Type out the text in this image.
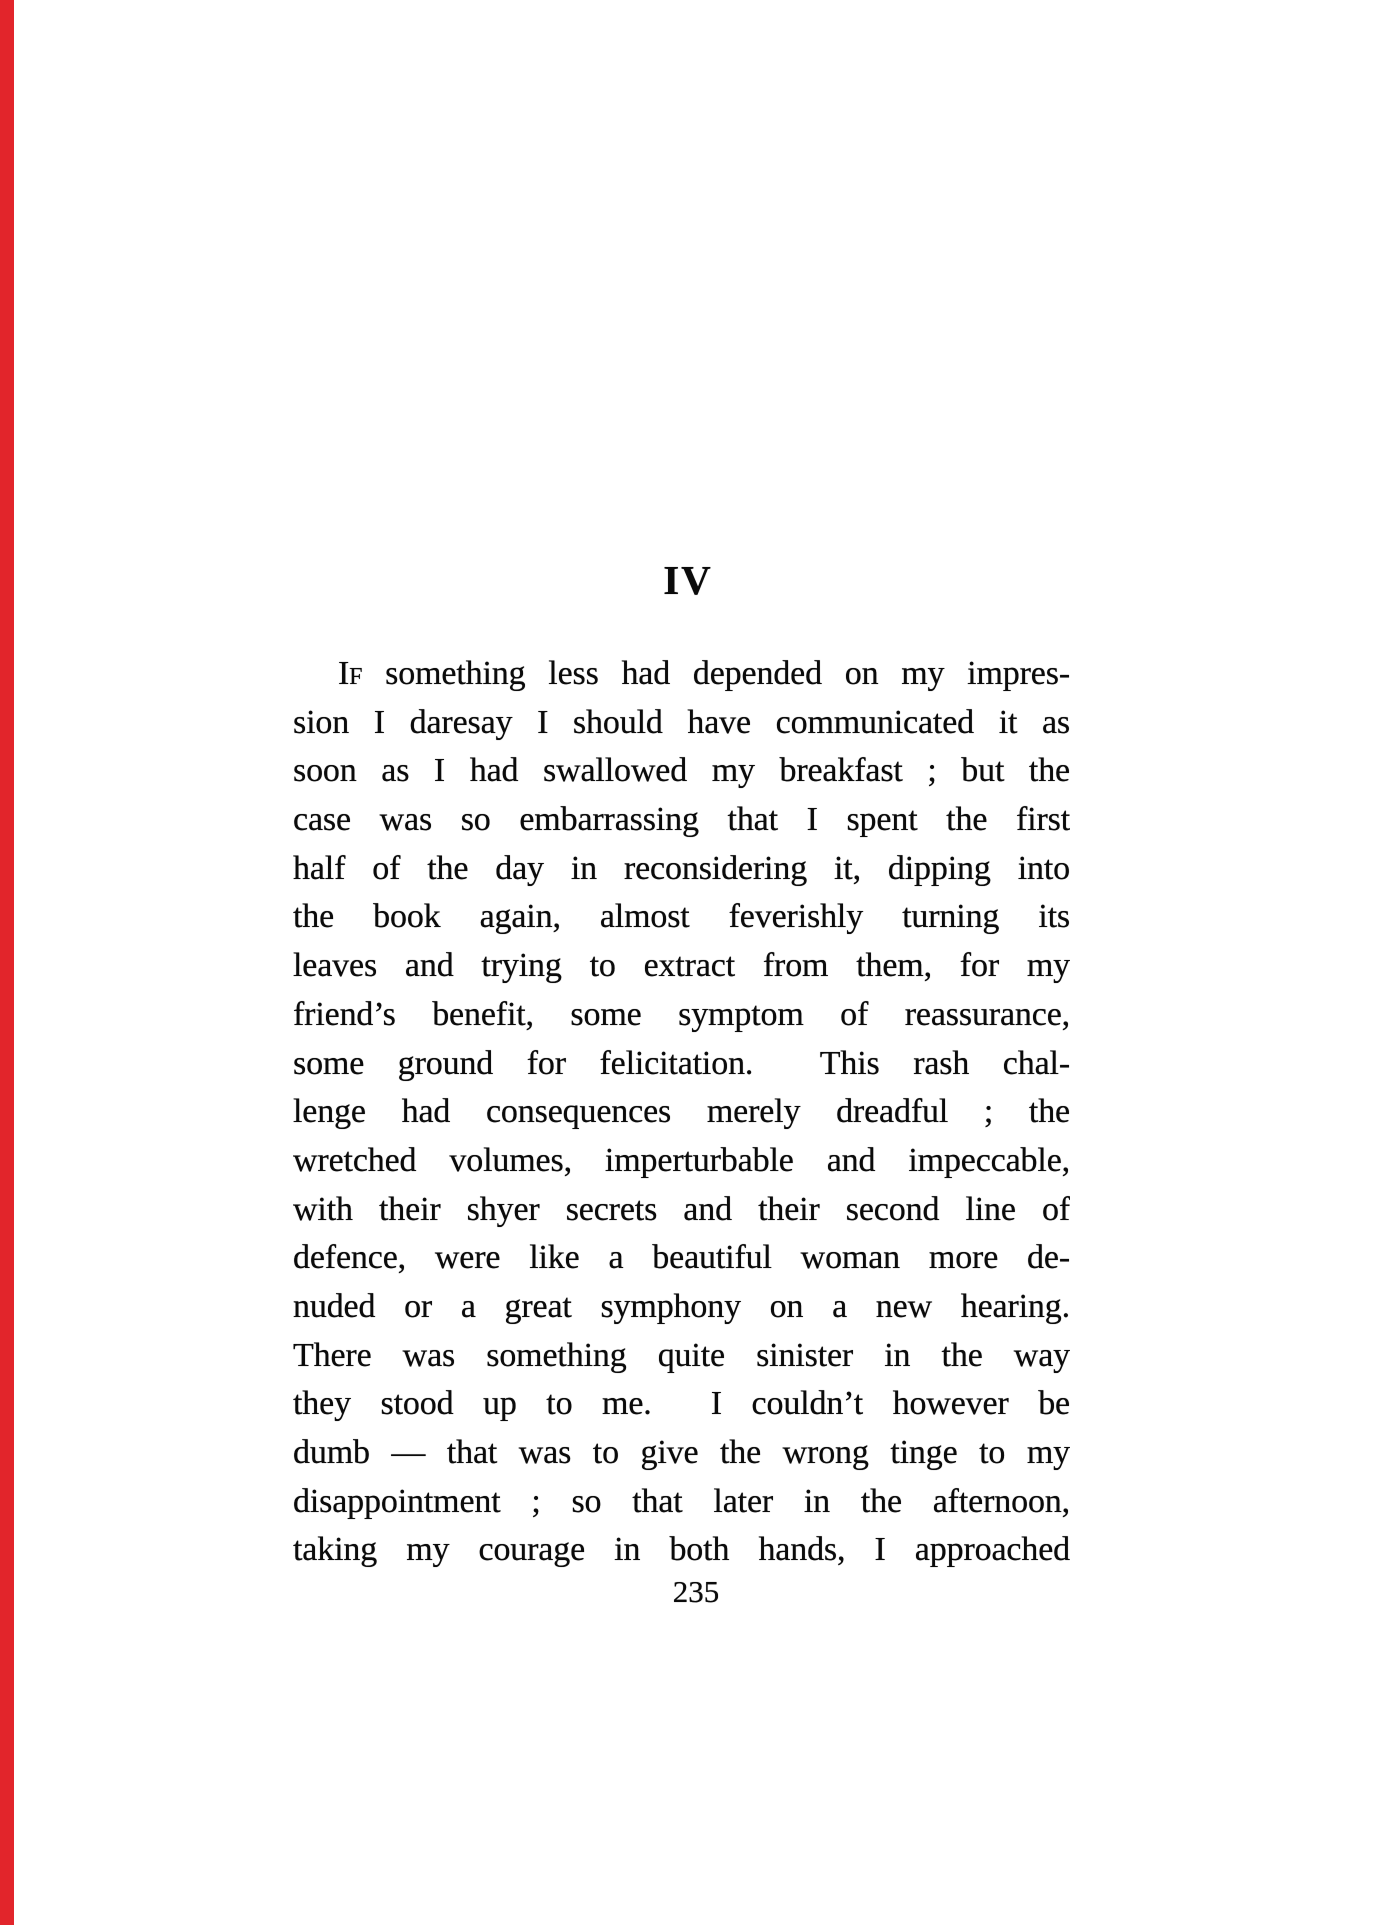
IV
If something less had depended on my impres-
sion I daresay I should have communicated it as
soon as I had swallowed my breakfast ; but the
case was so embarrassing that I spent the first
half of the day in reconsidering it, dipping into
the book again, almost feverishly turning its
leaves and trying to extract from them, for my
friend’s benefit, some symptom of reassurance,
some ground for felicitation.  This rash chal-
lenge had consequences merely dreadful ; the
wretched volumes, imperturbable and impeccable,
with their shyer secrets and their second line of
defence, were like a beautiful woman more de-
nuded or a great symphony on a new hearing.
There was something quite sinister in the way
they stood up to me.  I couldn’t however be
dumb — that was to give the wrong tinge to my
disappointment ; so that later in the afternoon,
taking my courage in both hands, I approached
235
